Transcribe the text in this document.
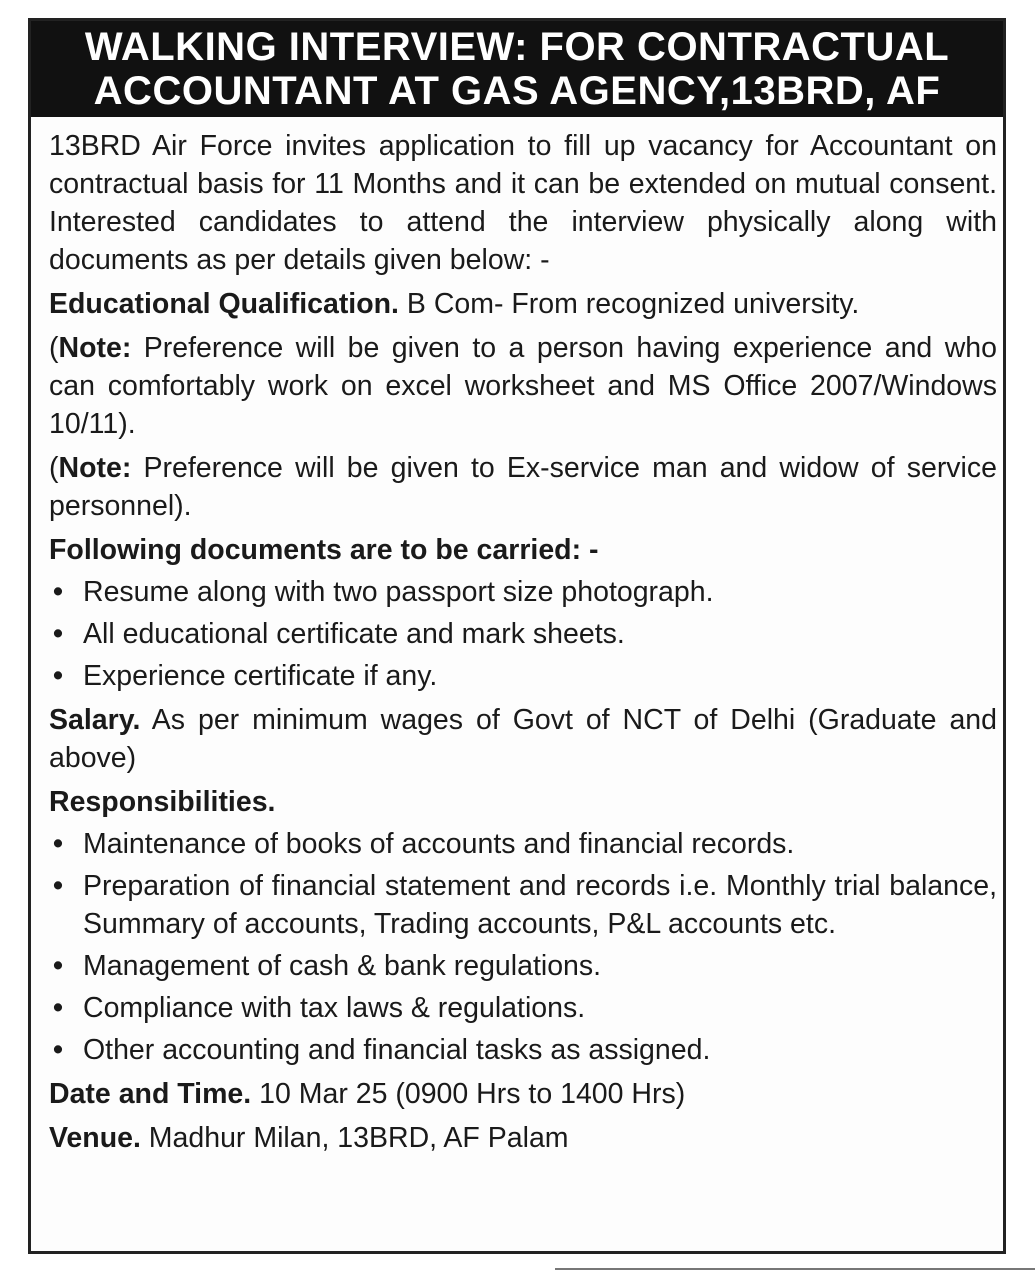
WALKING INTERVIEW: FOR CONTRACTUAL
ACCOUNTANT AT GAS AGENCY,13BRD, AF

13BRD Air Force invites application to fill up vacancy for Accountant on contractual basis for 11 Months and it can be extended on mutual consent. Interested candidates to attend the interview physically along with documents as per details given below: -

Educational Qualification. B Com- From recognized university.

(Note: Preference will be given to a person having experience and who can comfortably work on excel worksheet and MS Office 2007/Windows 10/11).

(Note: Preference will be given to Ex-service man and widow of service personnel).

Following documents are to be carried: -

• Resume along with two passport size photograph.
• All educational certificate and mark sheets.
• Experience certificate if any.

Salary. As per minimum wages of Govt of NCT of Delhi (Graduate and above)

Responsibilities.

• Maintenance of books of accounts and financial records.
• Preparation of financial statement and records i.e. Monthly trial balance, Summary of accounts, Trading accounts, P&L accounts etc.
• Management of cash & bank regulations.
• Compliance with tax laws & regulations.
• Other accounting and financial tasks as assigned.

Date and Time. 10 Mar 25 (0900 Hrs to 1400 Hrs)

Venue. Madhur Milan, 13BRD, AF Palam
